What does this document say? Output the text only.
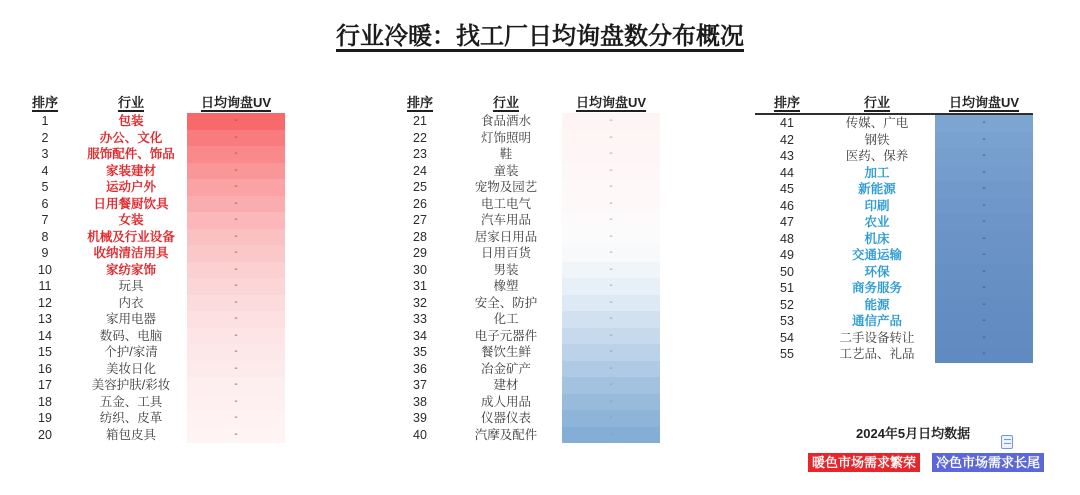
行业冷暖：找工厂日均询盘数分布概况
排序	行业	日均询盘UV
1	包装	-
2	办公、文化	-
3	服饰配件、饰品	-
4	家装建材	-
5	运动户外	-
6	日用餐厨饮具	-
7	女装	-
8	机械及行业设备	-
9	收纳清洁用具	-
10	家纺家饰	-
11	玩具	-
12	内衣	-
13	家用电器	-
14	数码、电脑	-
15	个护/家清	-
16	美妆日化	-
17	美容护肤/彩妆	-
18	五金、工具	-
19	纺织、皮革	-
20	箱包皮具	-
排序	行业	日均询盘UV
21	食品酒水	-
22	灯饰照明	-
23	鞋	-
24	童装	-
25	宠物及园艺	-
26	电工电气	-
27	汽车用品	-
28	居家日用品	-
29	日用百货	-
30	男装	-
31	橡塑	-
32	安全、防护	-
33	化工	-
34	电子元器件	-
35	餐饮生鲜	-
36	冶金矿产	-
37	建材	-
38	成人用品	-
39	仪器仪表	-
40	汽摩及配件	-
排序	行业	日均询盘UV
41	传媒、广电	-
42	钢铁	-
43	医药、保养	-
44	加工	-
45	新能源	-
46	印刷	-
47	农业	-
48	机床	-
49	交通运输	-
50	环保	-
51	商务服务	-
52	能源	-
53	通信产品	-
54	二手设备转让	-
55	工艺品、礼品	-
2024年5月日均数据
暖色市场需求繁荣	冷色市场需求长尾
